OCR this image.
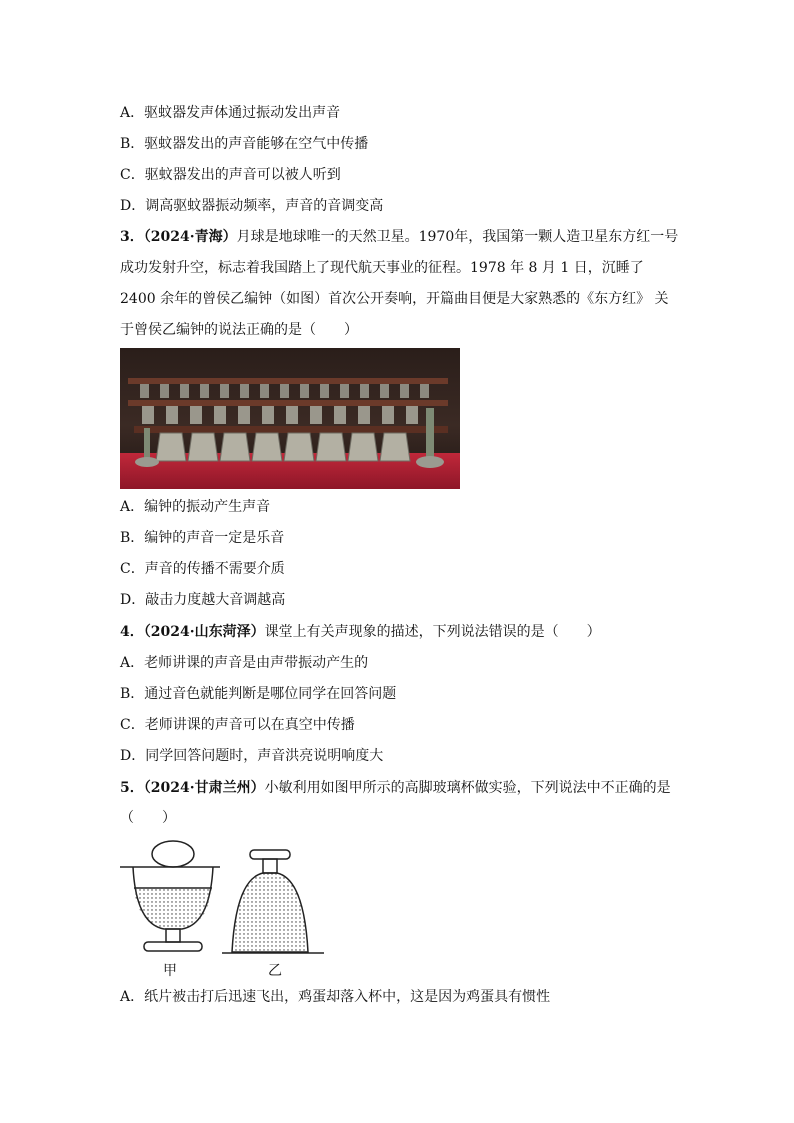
A．驱蚊器发声体通过振动发出声音
B．驱蚊器发出的声音能够在空气中传播
C．驱蚊器发出的声音可以被人听到
D．调高驱蚊器振动频率，声音的音调变高
3．（2024·青海）月球是地球唯一的天然卫星。1970年，我国第一颗人造卫星东方红一号成功发射升空，标志着我国踏上了现代航天事业的征程。1978 年 8 月 1 日，沉睡了 2400 余年的曾侯乙编钟（如图）首次公开奏响，开篇曲目便是大家熟悉的《东方红》 关于曾侯乙编钟的说法正确的是（　　）
A．编钟的振动产生声音
B．编钟的声音一定是乐音
C．声音的传播不需要介质
D．敲击力度越大音调越高
4．（2024·山东菏泽）课堂上有关声现象的描述，下列说法错误的是（　　）
A．老师讲课的声音是由声带振动产生的
B．通过音色就能判断是哪位同学在回答问题
C．老师讲课的声音可以在真空中传播
D．同学回答问题时，声音洪亮说明响度大
5．（2024·甘肃兰州）小敏利用如图甲所示的高脚玻璃杯做实验，下列说法中不正确的是
（　　）
甲	乙
A．纸片被击打后迅速飞出，鸡蛋却落入杯中，这是因为鸡蛋具有惯性
